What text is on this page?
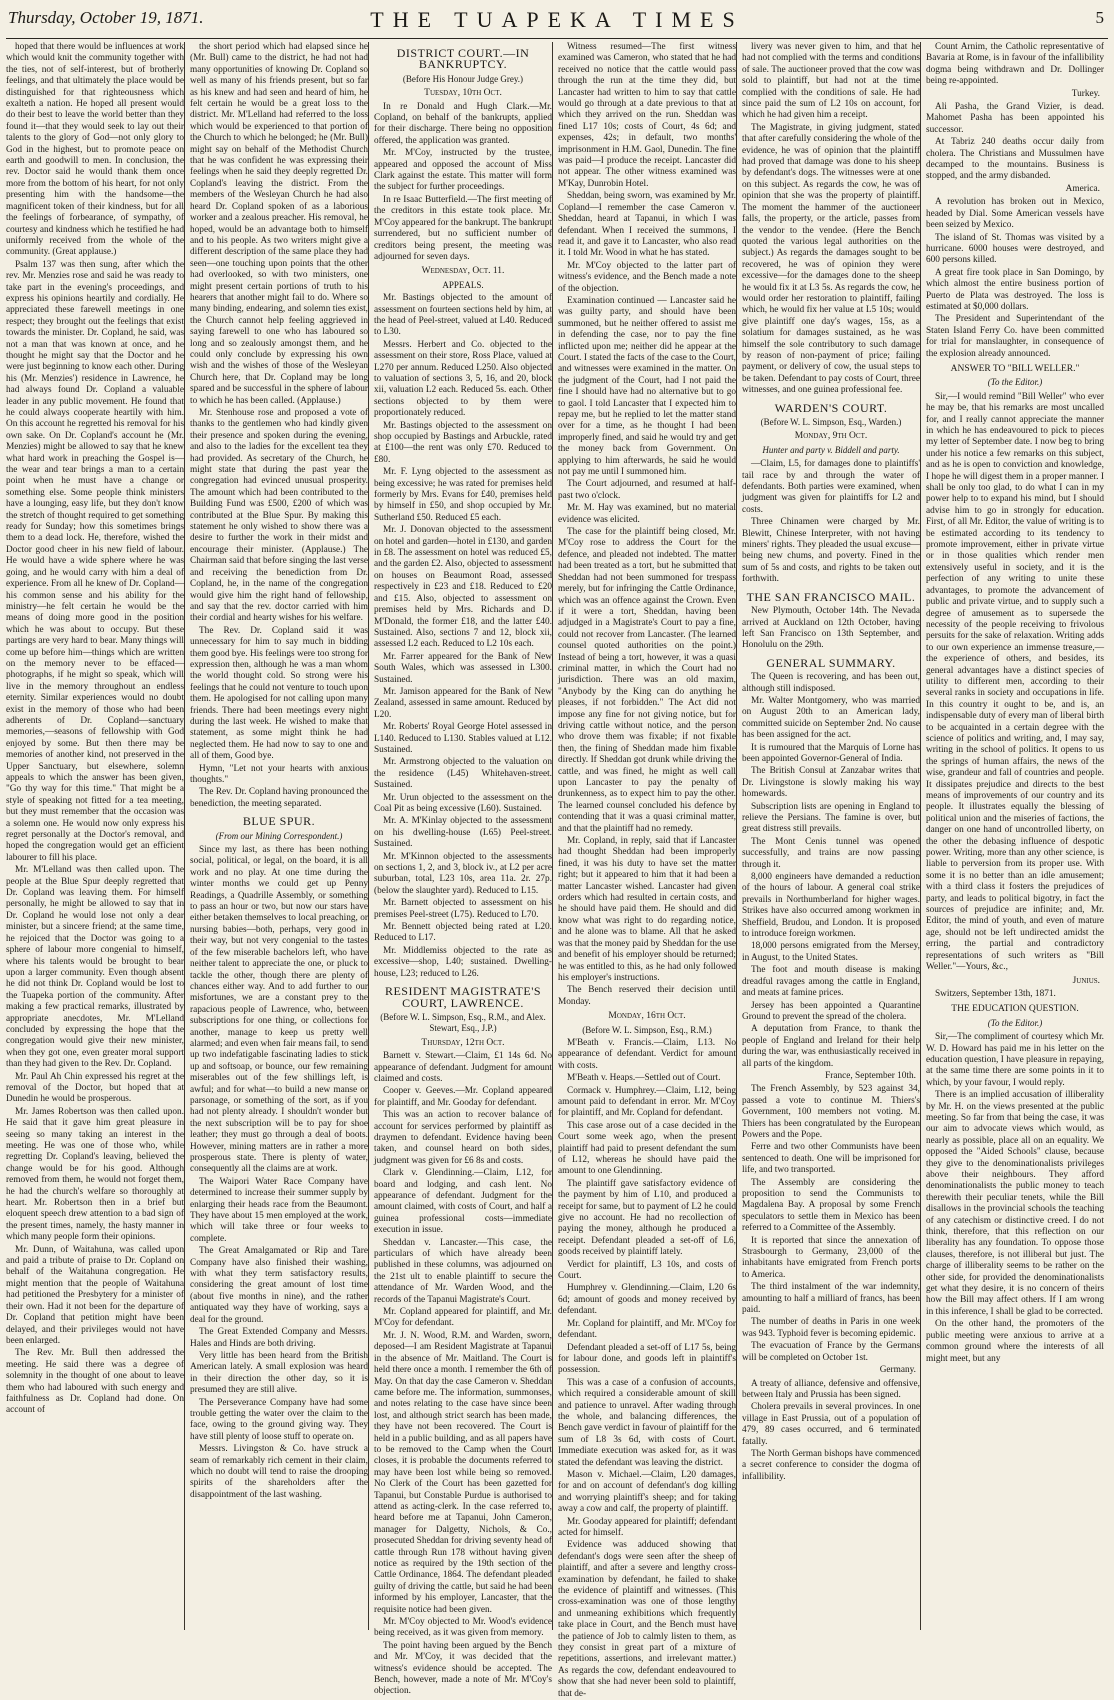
Thursday, October 19, 1871.	THE TUAPEKA TIMES	5

hoped that there would be influences at work which would knit the community together with the ties, not of self-interest, but of brotherly feelings, and that ultimately the place would be distinguished for that righteousness which exalteth a nation. He hoped all present would do their best to leave the world better than they found it—that they would seek to lay out their talents to the glory of God—not only glory to God in the highest, but to promote peace on earth and goodwill to men. In conclusion, the rev. Doctor said he would thank them once more from the bottom of his heart, for not only presenting him with the handsome—the magnificent token of their kindness, but for all the feelings of forbearance, of sympathy, of courtesy and kindness which he testified he had uniformly received from the whole of the community. (Great applause.)

Psalm 137 was then sung, after which the rev. Mr. Menzies rose and said he was ready to take part in the evening's proceedings, and express his opinions heartily and cordially. He appreciated these farewell meetings in one respect; they brought out the feelings that exist towards the minister. Dr. Copland, he said, was not a man that was known at once, and he thought he might say that the Doctor and he were just beginning to know each other. During his (Mr. Menzies') residence in Lawrence, he had always found Dr. Copland a valuable leader in any public movement. He found that he could always cooperate heartily with him. On this account he regretted his removal for his own sake. On Dr. Copland's account he (Mr. Menzies) might be allowed to say that he knew what hard work in preaching the Gospel is—the wear and tear brings a man to a certain point when he must have a change or something else. Some people think ministers have a lounging, easy life, but they don't know the stretch of thought required to get something ready for Sunday; how this sometimes brings them to a dead lock. He, therefore, wished the Doctor good cheer in his new field of labour. He would have a wide sphere where he was going, and he would carry with him a deal of experience. From all he knew of Dr. Copland—his common sense and his ability for the ministry—he felt certain he would be the means of doing more good in the position which he was about to occupy. But these partings are very hard to bear. Many things will come up before him—things which are written on the memory never to be effaced—photographs, if he might so speak, which will live in the memory throughout an endless eternity. Similar experiences would no doubt exist in the memory of those who had been adherents of Dr. Copland—sanctuary memories,—seasons of fellowship with God enjoyed by some. But then there may be memories of another kind, not preserved in the Upper Sanctuary, but elsewhere, solemn appeals to which the answer has been given, "Go thy way for this time." That might be a style of speaking not fitted for a tea meeting, but they must remember that the occasion was a solemn one. He would now only express his regret personally at the Doctor's removal, and hoped the congregation would get an efficient labourer to fill his place.

Mr. M'Lelland was then called upon. The people at the Blue Spur deeply regretted that Dr. Copland was leaving them. For himself personally, he might be allowed to say that in Dr. Copland he would lose not only a dear minister, but a sincere friend; at the same time, he rejoiced that the Doctor was going to a sphere of labour more congenial to himself, where his talents would be brought to bear upon a larger community. Even though absent he did not think Dr. Copland would be lost to the Tuapeka portion of the community. After making a few practical remarks, illustrated by appropriate anecdotes, Mr. M'Lelland concluded by expressing the hope that the congregation would give their new minister, when they got one, even greater moral support than they had given to the Rev. Dr. Copland.

Mr. Paul Ah Chin expressed his regret at the removal of the Doctor, but hoped that at Dunedin he would be prosperous.

Mr. James Robertson was then called upon. He said that it gave him great pleasure in seeing so many taking an interest in the meeting. He was one of those who, while regretting Dr. Copland's leaving, believed the change would be for his good. Although removed from them, he would not forget them, he had the church's welfare so thoroughly at heart. Mr. Robertson then in a brief but eloquent speech drew attention to a bad sign of the present times, namely, the hasty manner in which many people form their opinions.

Mr. Dunn, of Waitahuna, was called upon and paid a tribute of praise to Dr. Copland on behalf of the Waitahuna congregation. He might mention that the people of Waitahuna had petitioned the Presbytery for a minister of their own. Had it not been for the departure of Dr. Copland that petition might have been delayed, and their privileges would not have been enlarged.

The Rev. Mr. Bull then addressed the meeting. He said there was a degree of solemnity in the thought of one about to leave them who had laboured with such energy and faithfulness as Dr. Copland had done. On account of

the short period which had elapsed since he (Mr. Bull) came to the district, he had not had many opportunities of knowing Dr. Copland so well as many of his friends present, but so far as his knew and had seen and heard of him, he felt certain he would be a great loss to the district. Mr. M'Lelland had referred to the loss which would be experienced to that portion of the Church to which he belonged; he (Mr. Bull) might say on behalf of the Methodist Church that he was confident he was expressing their feelings when he said they deeply regretted Dr. Copland's leaving the district. From the members of the Wesleyan Church he had also heard Dr. Copland spoken of as a laborious worker and a zealous preacher. His removal, he hoped, would be an advantage both to himself and to his people. As two writers might give a different description of the same place they had seen—one touching upon points that the other had overlooked, so with two ministers, one might present certain portions of truth to his hearers that another might fail to do. Where so many binding, endearing, and solemn ties exist, the Church cannot help feeling aggrieved in saying farewell to one who has laboured so long and so zealously amongst them, and he could only conclude by expressing his own wish and the wishes of those of the Wesleyan Church here, that Dr. Copland may be long spared and be successful in the sphere of labour to which he has been called. (Applause.)

Mr. Stenhouse rose and proposed a vote of thanks to the gentlemen who had kindly given their presence and spoken during the evening, and also to the ladies for the excellent tea they had provided. As secretary of the Church, he might state that during the past year the congregation had evinced unusual prosperity. The amount which had been contributed to the Building Fund was £500, £200 of which was contributed at the Blue Spur. By making this statement he only wished to show there was a desire to further the work in their midst and encourage their minister. (Applause.) The Chairman said that before singing the last verse and receiving the benediction from Dr. Copland, he, in the name of the congregation would give him the right hand of fellowship, and say that the rev. doctor carried with him their cordial and hearty wishes for his welfare.

The Rev. Dr. Copland said it was unnecessary for him to say much in bidding them good bye. His feelings were too strong for expression then, although he was a man whom the world thought cold. So strong were his feelings that he could not venture to touch upon them. He apologised for not calling upon many friends. There had been meetings every night during the last week. He wished to make that statement, as some might think he had neglected them. He had now to say to one and all of them, Good bye.

Hymn, "Let not your hearts with anxious thoughts."

The Rev. Dr. Copland having pronounced the benediction, the meeting separated.

BLUE SPUR.
(From our Mining Correspondent.)

Since my last, as there has been nothing social, political, or legal, on the board, it is all work and no play. At one time during the winter months we could get up Penny Readings, a Quadrille Assembly, or something to pass an hour or two, but now our stars have either betaken themselves to local preaching, or nursing babies—both, perhaps, very good in their way, but not very congenial to the tastes of the few miserable bachelors left, who have neither talent to appreciate the one, or pluck to tackle the other, though there are plenty of chances either way. And to add further to our misfortunes, we are a constant prey to the rapacious people of Lawrence, who, between subscriptions for one thing, or collections for another, manage to keep us pretty well alarmed; and even when fair means fail, to send up two indefatigable fascinating ladies to stick up and softsoap, or bounce, our few remaining miserables out of the few shillings left, is awful; and for what—to build a new manse or parsonage, or something of the sort, as if you had not plenty already. I shouldn't wonder but the next subscription will be to pay for shoe leather; they must go through a deal of boots. However, mining matters are in rather a more prosperous state. There is plenty of water, consequently all the claims are at work.

The Waipori Water Race Company have determined to increase their summer supply by enlarging their heads race from the Beaumont. They have about 15 men employed at the work, which will take three or four weeks to complete.

The Great Amalgamated or Rip and Tare Company have also finished their washing, with what they term satisfactory results, considering the great amount of lost time (about five months in nine), and the rather antiquated way they have of working, says a deal for the ground.

The Great Extended Company and Messrs. Hales and Hinds are both driving.

Very little has been heard from the British American lately. A small explosion was heard in their direction the other day, so it is presumed they are still alive.

The Perseverance Company have had some trouble getting the water over the claim to the face, owing to the ground giving way. They have still plenty of loose stuff to operate on.

Messrs. Livingston & Co. have struck a seam of remarkably rich cement in their claim, which no doubt will tend to raise the drooping spirits of the shareholders after the disappointment of the last washing.

DISTRICT COURT.—IN BANKRUPTCY.
(Before His Honour Judge Grey.)
Tuesday, 10th Oct.

In re Donald and Hugh Clark.—Mr. Copland, on behalf of the bankrupts, applied for their discharge. There being no opposition offered, the application was granted.

Mr. M'Coy, instructed by the trustee, appeared and opposed the account of Miss Clark against the estate. This matter will form the subject for further proceedings.

In re Isaac Butterfield.—The first meeting of the creditors in this estate took place. Mr. M'Coy appeared for the bankrupt. The bankrupt surrendered, but no sufficient number of creditors being present, the meeting was adjourned for seven days.

Wednesday, Oct. 11.
APPEALS.

Mr. Bastings objected to the amount of assessment on fourteen sections held by him, at the head of Peel-street, valued at L40. Reduced to L30.

Messrs. Herbert and Co. objected to the assessment on their store, Ross Place, valued at L270 per annum. Reduced L250. Also objected to valuation of sections 3, 5, 16, and 20, block xii, valuation L2 each. Reduced 5s. each. Other sections objected to by them were proportionately reduced.

Mr. Bastings objected to the assessment on shop occupied by Bastings and Arbuckle, rated at £100—the rent was only £70. Reduced to £80.

Mr. F. Lyng objected to the assessment as being excessive; he was rated for premises held formerly by Mrs. Evans for £40, premises held by himself in £50, and shop occupied by Mr. Sutherland £50. Reduced £5 each.

Mr. J. Donovan objected to the assessment on hotel and garden—hotel in £130, and garden in £8. The assessment on hotel was reduced £5, and the garden £2. Also, objected to assessment on houses on Beaumont Road, assessed respectively in £23 and £18. Reduced to £20 and £15. Also, objected to assessment on premises held by Mrs. Richards and D. M'Donald, the former £18, and the latter £40. Sustained. Also, sections 7 and 12, block xii, assessed L2 each. Reduced to L2 10s each.

Mr. Farrer appeared for the Bank of New South Wales, which was assessed in L300. Sustained.

Mr. Jamison appeared for the Bank of New Zealand, assessed in same amount. Reduced by L20.

Mr. Roberts' Royal George Hotel assessed in L140. Reduced to L130. Stables valued at L12. Sustained.

Mr. Armstrong objected to the valuation on the residence (L45) Whitehaven-street. Sustained.

Mr. Urun objected to the assessment on the Coal Pit as being excessive (L60). Sustained.

Mr. A. M'Kinlay objected to the assessment on his dwelling-house (L65) Peel-street. Sustained.

Mr. M'Kinnon objected to the assessments on sections 1, 2, and 3, block iv., at L2 per acre suburban, total, L23 10s, area 11a. 2r. 27p. (below the slaughter yard). Reduced to L15.

Mr. Barnett objected to assessment on his premises Peel-street (L75). Reduced to L70.

Mr. Bennett objected being rated at L20. Reduced to L17.

Mr. Middlemiss objected to the rate as excessive—shop, L40; sustained. Dwelling-house, L23; reduced to L26.

RESIDENT MAGISTRATE'S COURT, LAWRENCE.
(Before W. L. Simpson, Esq., R.M., and Alex. Stewart, Esq., J.P.)
Thursday, 12th Oct.

Barnett v. Stewart.—Claim, £1 14s 6d. No appearance of defendant. Judgment for amount claimed and costs.

Cooper v. Geeves.—Mr. Copland appeared for plaintiff, and Mr. Gooday for defendant.

This was an action to recover balance of account for services performed by plaintiff as draymen to defendant. Evidence having been taken, and counsel heard on both sides, judgment was given for £6 8s and costs.

Clark v. Glendinning.—Claim, L12, for board and lodging, and cash lent. No appearance of defendant. Judgment for the amount claimed, with costs of Court, and half a guinea professional costs—immediate execution in issue.

Sheddan v. Lancaster.—This case, the particulars of which have already been published in these columns, was adjourned on the 21st ult to enable plaintiff to secure the attendance of Mr. Warden Wood, and the records of the Tapanui Magistrate's Court.

Mr. Copland appeared for plaintiff, and Mr. M'Coy for defendant.

Mr. J. N. Wood, R.M. and Warden, sworn, deposed—I am Resident Magistrate at Tapanui in the absence of Mr. Maitland. The Court is held there once a month. I remember the 6th of May. On that day the case Cameron v. Sheddan came before me. The information, summonses, and notes relating to the case have since been lost, and although strict search has been made, they have not been recovered. The Court is held in a public building, and as all papers have to be removed to the Camp when the Court closes, it is probable the documents referred to may have been lost while being so removed. No Clerk of the Court has been gazetted for Tapanui, but Constable Purdue is authorised to attend as acting-clerk. In the case referred to, heard before me at Tapanui, John Cameron, manager for Dalgetty, Nichols, & Co., prosecuted Sheddan for driving seventy head of cattle through Run 178 without having given notice as required by the 19th section of the Cattle Ordinance, 1864. The defendant pleaded guilty of driving the cattle, but said he had been informed by his employer, Lancaster, that the requisite notice had been given.

Mr. M'Coy objected to Mr. Wood's evidence being received, as it was given from memory.

The point having been argued by the Bench and Mr. M'Coy, it was decided that the witness's evidence should be accepted. The Bench, however, made a note of Mr. M'Coy's objection.

Witness resumed—The first witness examined was Cameron, who stated that he had received no notice that the cattle would pass through the run at the time they did, but Lancaster had written to him to say that cattle would go through at a date previous to that at which they arrived on the run. Sheddan was fined L17 10s; costs of Court, 4s 6d; and expenses, 42s; in default, two months' imprisonment in H.M. Gaol, Dunedin. The fine was paid—I produce the receipt. Lancaster did not appear. The other witness examined was M'Kay, Dunrobin Hotel.

Sheddan, being sworn, was examined by Mr. Copland—I remember the case Cameron v. Sheddan, heard at Tapanui, in which I was defendant. When I received the summons, I read it, and gave it to Lancaster, who also read it. I told Mr. Wood in what he has stated.

Mr. M'Coy objected to the latter part of witness's evidence, and the Bench made a note of the objection.

Examination continued — Lancaster said he was guilty party, and should have been summoned, but he neither offered to assist me in defending the case, nor to pay the fine inflicted upon me; neither did he appear at the Court. I stated the facts of the case to the Court, and witnesses were examined in the matter. On the judgment of the Court, had I not paid the fine I should have had no alternative but to go to gaol. I told Lancaster that I expected him to repay me, but he replied to let the matter stand over for a time, as he thought I had been improperly fined, and said he would try and get the money back from Government. On applying to him afterwards, he said he would not pay me until I summoned him.

The Court adjourned, and resumed at half-past two o'clock.

Mr. M. Hay was examined, but no material evidence was elicited.

The case for the plaintiff being closed, Mr. M'Coy rose to address the Court for the defence, and pleaded not indebted. The matter had been treated as a tort, but he submitted that Sheddan had not been summoned for trespass merely, but for infringing the Cattle Ordinance, which was an offence against the Crown. Even if it were a tort, Sheddan, having been adjudged in a Magistrate's Court to pay a fine, could not recover from Lancaster. (The learned counsel quoted authorities on the point.) Instead of being a tort, however, it was a quasi criminal matter, in which the Court had no jurisdiction. There was an old maxim, "Anybody by the King can do anything he pleases, if not forbidden." The Act did not impose any fine for not giving notice, but for driving cattle without notice, and the person who drove them was fixable; if not fixable then, the fining of Sheddan made him fixable directly. If Sheddan got drunk while driving the cattle, and was fined, he might as well call upon Lancaster to pay the penalty of drunkenness, as to expect him to pay the other. The learned counsel concluded his defence by contending that it was a quasi criminal matter, and that the plaintiff had no remedy.

Mr. Copland, in reply, said that if Lancaster had thought Sheddan had been improperly fined, it was his duty to have set the matter right; but it appeared to him that it had been a matter Lancaster wished. Lancaster had given orders which had resulted in certain costs, and he should have paid them. He should and did know what was right to do regarding notice, and he alone was to blame. All that he asked was that the money paid by Sheddan for the use and benefit of his employer should be returned; he was entitled to this, as he had only followed his employer's instructions.

The Bench reserved their decision until Monday.

Monday, 16th Oct.
(Before W. L. Simpson, Esq., R.M.)

M'Beath v. Francis.—Claim, L13. No appearance of defendant. Verdict for amount with costs.

M'Beath v. Heaps.—Settled out of Court.

Cormack v. Humphrey.—Claim, L12, being amount paid to defendant in error. Mr. M'Coy for plaintiff, and Mr. Copland for defendant.

This case arose out of a case decided in the Court some week ago, when the present plaintiff had paid to present defendant the sum of L12, whereas he should have paid the amount to one Glendinning.

The plaintiff gave satisfactory evidence of the payment by him of L10, and produced a receipt for same, but to payment of L2 he could give no account. He had no recollection of paying the money, although he produced a receipt. Defendant pleaded a set-off of L6, goods received by plaintiff lately.

Verdict for plaintiff, L3 10s, and costs of Court.

Humphrey v. Glendinning.—Claim, L20 6s 6d; amount of goods and money received by defendant.

Mr. Copland for plaintiff, and Mr. M'Coy for defendant.

Defendant pleaded a set-off of L17 5s, being for labour done, and goods left in plaintiff's possession.

This was a case of a confusion of accounts, which required a considerable amount of skill and patience to unravel. After wading through the whole, and balancing differences, the Bench gave verdict in favour of plaintiff for the sum of L8 3s 6d, with costs of Court. Immediate execution was asked for, as it was stated the defendant was leaving the district.

Mason v. Michael.—Claim, L20 damages, for and on account of defendant's dog killing and worrying plaintiff's sheep; and for taking away a cow and calf, the property of plaintiff.

Mr. Gooday appeared for plaintiff; defendant acted for himself.

Evidence was adduced showing that defendant's dogs were seen after the sheep of plaintiff, and after a severe and lengthy cross-examination by defendant, he failed to shake the evidence of plaintiff and witnesses. (This cross-examination was one of those lengthy and unmeaning exhibitions which frequently take place in Court, and the Bench must have the patience of Job to calmly listen to them, as they consist in great part of a mixture of repetitions, assertions, and irrelevant matter.) As regards the cow, defendant endeavoured to show that she had never been sold to plaintiff, that de-

livery was never given to him, and that he had not complied with the terms and conditions of sale. The auctioneer proved that the cow was sold to plaintiff, but had not at the time complied with the conditions of sale. He had since paid the sum of L2 10s on account, for which he had given him a receipt.

The Magistrate, in giving judgment, stated that after carefully considering the whole of the evidence, he was of opinion that the plaintiff had proved that damage was done to his sheep by defendant's dogs. The witnesses were at one on this subject. As regards the cow, he was of opinion that she was the property of plaintiff. The moment the hammer of the auctioneer falls, the property, or the article, passes from the vendor to the vendee. (Here the Bench quoted the various legal authorities on the subject.) As regards the damages sought to be recovered, he was of opinion they were excessive—for the damages done to the sheep he would fix it at L3 5s. As regards the cow, he would order her restoration to plaintiff, failing which, he would fix her value at L5 10s; would give plaintiff one day's wages, 15s, as a solatium for damages sustained, as he was himself the sole contributory to such damage by reason of non-payment of price; failing payment, or delivery of cow, the usual steps to be taken. Defendant to pay costs of Court, three witnesses, and one guinea professional fee.

WARDEN'S COURT.
(Before W. L. Simpson, Esq., Warden.)
Monday, 9th Oct.
Hunter and party v. Biddell and party.

—Claim, L5, for damages done to plaintiffs' tail race by and through the water of defendants. Both parties were examined, when judgment was given for plaintiffs for L2 and costs.

Three Chinamen were charged by Mr. Blewitt, Chinese Interpreter, with not having miners' rights. They pleaded the usual excuse—being new chums, and poverty. Fined in the sum of 5s and costs, and rights to be taken out forthwith.

THE SAN FRANCISCO MAIL.

New Plymouth, October 14th. The Nevada arrived at Auckland on 12th October, having left San Francisco on 13th September, and Honolulu on the 29th.

GENERAL SUMMARY.

The Queen is recovering, and has been out, although still indisposed.

Mr. Walter Montgomery, who was married on August 20th to an American lady, committed suicide on September 2nd. No cause has been assigned for the act.

It is rumoured that the Marquis of Lorne has been appointed Governor-General of India.

The British Consul at Zanzabar writes that Dr. Livingstone is slowly making his way homewards.

Subscription lists are opening in England to relieve the Persians. The famine is over, but great distress still prevails.

The Mont Cenis tunnel was opened successfully, and trains are now passing through it.

8,000 engineers have demanded a reduction of the hours of labour. A general coal strike prevails in Northumberland for higher wages. Strikes have also occurred among workmen in Sheffield, Brudou, and London. It is proposed to introduce foreign workmen.

18,000 persons emigrated from the Mersey, in August, to the United States.

The foot and mouth disease is making dreadful ravages among the cattle in England, and meats at famine prices.

Jersey has been appointed a Quarantine Ground to prevent the spread of the cholera.

A deputation from France, to thank the people of England and Ireland for their help during the war, was enthusiastically received in all parts of the kingdom.

France, September 10th.

The French Assembly, by 523 against 34, passed a vote to continue M. Thiers's Government, 100 members not voting. M. Thiers has been congratulated by the European Powers and the Pope.

Ferre and two other Communists have been sentenced to death. One will be imprisoned for life, and two transported.

The Assembly are considering the proposition to send the Communists to Magdalena Bay. A proposal by some French speculators to settle them in Mexico has been referred to a Committee of the Assembly.

It is reported that since the annexation of Strasbourgh to Germany, 23,000 of the inhabitants have emigrated from French ports to America.

The third instalment of the war indemnity, amounting to half a milliard of francs, has been paid.

The number of deaths in Paris in one week was 943. Typhoid fever is becoming epidemic.

The evacuation of France by the Germans will be completed on October 1st.

Germany.

A treaty of alliance, defensive and offensive, between Italy and Prussia has been signed.

Cholera prevails in several provinces. In one village in East Prussia, out of a population of 479, 89 cases occurred, and 6 terminated fatally.

The North German bishops have commenced a secret conference to consider the dogma of infallibility.

Count Arnim, the Catholic representative of Bavaria at Rome, is in favour of the infallibility dogma being withdrawn and Dr. Dollinger being re-appointed.

Turkey.

Ali Pasha, the Grand Vizier, is dead. Mahomet Pasha has been appointed his successor.

At Tabriz 240 deaths occur daily from cholera. The Christians and Mussulmen have decamped to the mountains. Business is stopped, and the army disbanded.

America.

A revolution has broken out in Mexico, headed by Dial. Some American vessels have been seized by Mexico.

The island of St. Thomas was visited by a hurricane. 6000 houses were destroyed, and 600 persons killed.

A great fire took place in San Domingo, by which almost the entire business portion of Puerto de Plata was destroyed. The loss is estimated at $0,000 dollars.

The President and Superintendant of the Staten Island Ferry Co. have been committed for trial for manslaughter, in consequence of the explosion already announced.

ANSWER TO "BILL WELLER."
(To the Editor.)

Sir,—I would remind "Bill Weller" who ever he may be, that his remarks are most uncalled for, and I really cannot appreciate the manner in which he has endeavoured to pick to pieces my letter of September date. I now beg to bring under his notice a few remarks on this subject, and as he is open to conviction and knowledge, I hope he will digest them in a proper manner. I shall be only too glad, to do what I can in my power help to to expand his mind, but I should advise him to go in strongly for education. First, of all Mr. Editor, the value of writing is to be estimated according to its tendency to promote improvement, either in private virtue or in those qualities which render men extensively useful in society, and it is the perfection of any writing to unite these advantages, to promote the advancement of public and private virtue, and to supply such a degree of amusement as to supersede the necessity of the people receiving to frivolous persuits for the sake of relaxation. Writing adds to our own experience an immense treasure,—the experience of others, and besides, its general advantages have a distinct species of utility to different men, according to their several ranks in society and occupations in life. In this country it ought to be, and is, an indispensable duty of every man of liberal birth to be acquainted in a certain degree with the science of politics and writing, and, I may say, writing in the school of politics. It opens to us the springs of human affairs, the news of the wise, grandeur and fall of countries and people. It dissipates prejudice and directs to the best means of improvements of our country and its people. It illustrates equally the blessing of political union and the miseries of factions, the danger on one hand of uncontrolled liberty, on the other the debasing influence of despotic power. Writing, more than any other science, is liable to perversion from its proper use. With some it is no better than an idle amusement; with a third class it fosters the prejudices of party, and leads to political bigotry, in fact the sources of prejudice are infinite; and, Mr. Editor, the mind of youth, and even of mature age, should not be left undirected amidst the erring, the partial and contradictory representations of such writers as "Bill Weller."—Yours, &c.,

Junius.

Switzers, September 13th, 1871.

THE EDUCATION QUESTION.
(To the Editor.)

Sir,—The compliment of courtesy which Mr. W. D. Howard has paid me in his letter on the education question, I have pleasure in repaying, at the same time there are some points in it to which, by your favour, I would reply.

There is an implied accusation of illiberality by Mr. H. on the views presented at the public meeting. So far from that being the case, it was our aim to advocate views which would, as nearly as possible, place all on an equality. We opposed the "Aided Schools" clause, because they give to the denominationalists privileges above their neighbours. They afford denominationalists the public money to teach therewith their peculiar tenets, while the Bill disallows in the provincial schools the teaching of any catechism or distinctive creed. I do not think, therefore, that this reflection on our liberality has any foundation. To oppose those clauses, therefore, is not illiberal but just. The charge of illiberality seems to be rather on the other side, for provided the denominationalists get what they desire, it is no concern of theirs how the Bill may affect others. If I am wrong in this inference, I shall be glad to be corrected.

On the other hand, the promoters of the public meeting were anxious to arrive at a common ground where the interests of all might meet, but any
